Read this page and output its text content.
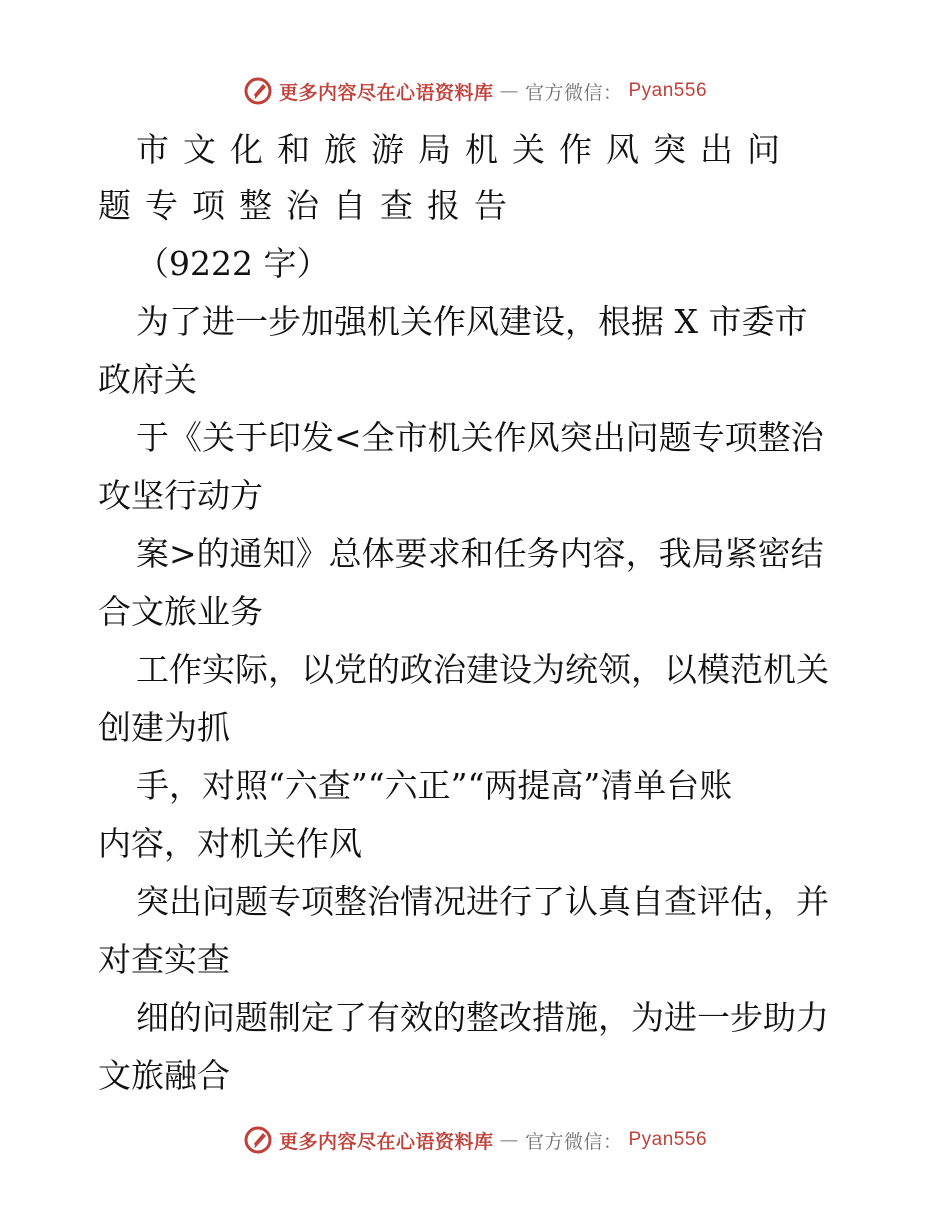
更多内容尽在心语资料库 — 官方微信： Pyan556
市文化和旅游局机关作风突出问
题专项整治自查报告
（9222 字）
为了进一步加强机关作风建设，根据 X 市委市
政府关
于《关于印发<全市机关作风突出问题专项整治
攻坚行动方
案>的通知》总体要求和任务内容，我局紧密结
合文旅业务
工作实际，以党的政治建设为统领，以模范机关
创建为抓
手，对照“六查”“六正”“两提高”清单台账
内容，对机关作风
突出问题专项整治情况进行了认真自查评估，并
对查实查
细的问题制定了有效的整改措施，为进一步助力
文旅融合
更多内容尽在心语资料库 — 官方微信： Pyan556
